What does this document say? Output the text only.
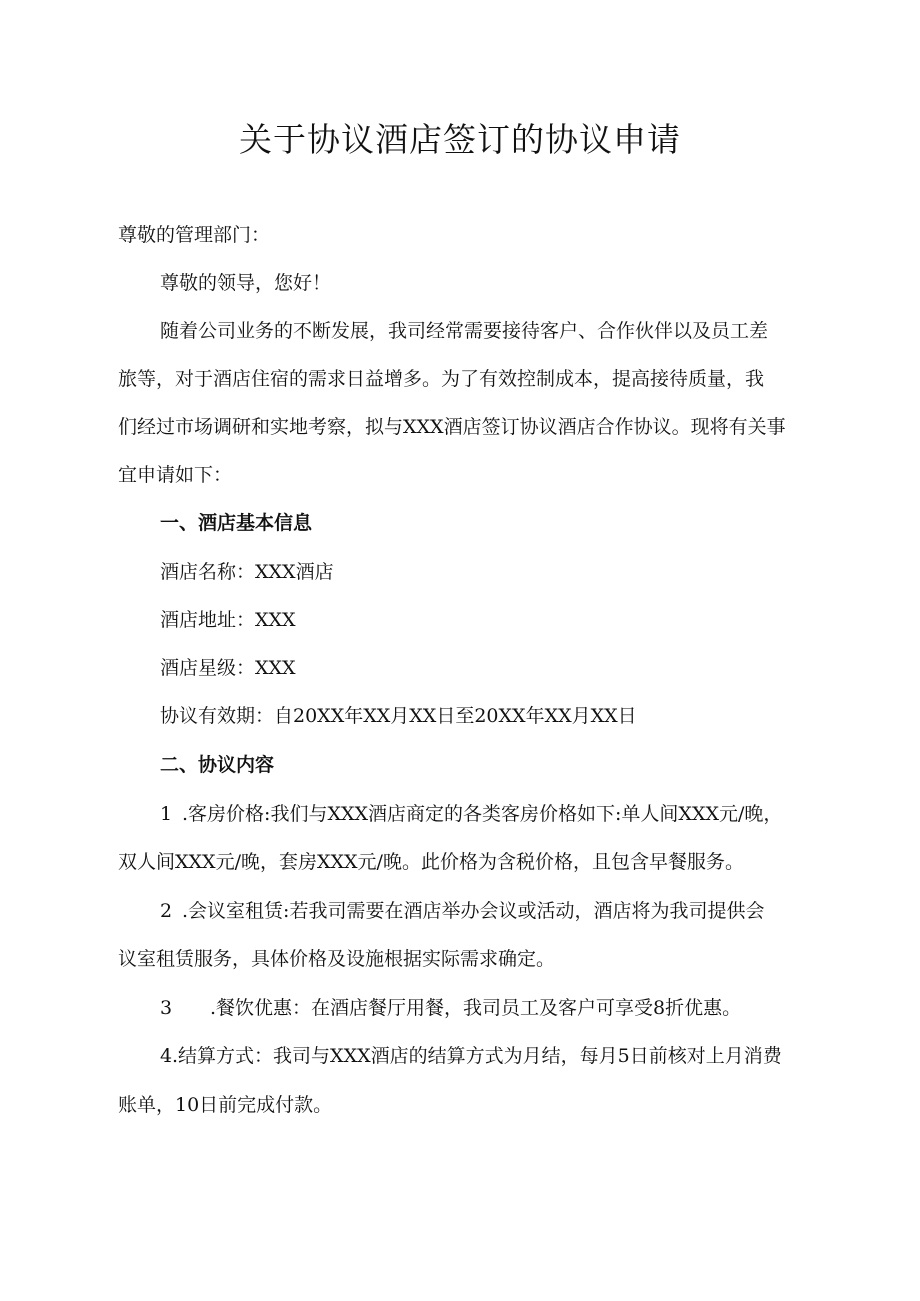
关于协议酒店签订的协议申请
尊敬的管理部门：
尊敬的领导，您好！
随着公司业务的不断发展，我司经常需要接待客户、合作伙伴以及员工差
旅等，对于酒店住宿的需求日益增多。为了有效控制成本，提高接待质量，我
们经过市场调研和实地考察，拟与XXX酒店签订协议酒店合作协议。现将有关事
宜申请如下：
一、酒店基本信息
酒店名称：XXX酒店
酒店地址：XXX
酒店星级：XXX
协议有效期：自20XX年XX月XX日至20XX年XX月XX日
二、协议内容
1 .客房价格:我们与XXX酒店商定的各类客房价格如下:单人间XXX元/晚，
双人间XXX元/晚，套房XXX元/晚。此价格为含税价格，且包含早餐服务。
2 .会议室租赁:若我司需要在酒店举办会议或活动，酒店将为我司提供会
议室租赁服务，具体价格及设施根据实际需求确定。
3 .餐饮优惠：在酒店餐厅用餐，我司员工及客户可享受8折优惠。
4.结算方式：我司与XXX酒店的结算方式为月结，每月5日前核对上月消费
账单，10日前完成付款。
